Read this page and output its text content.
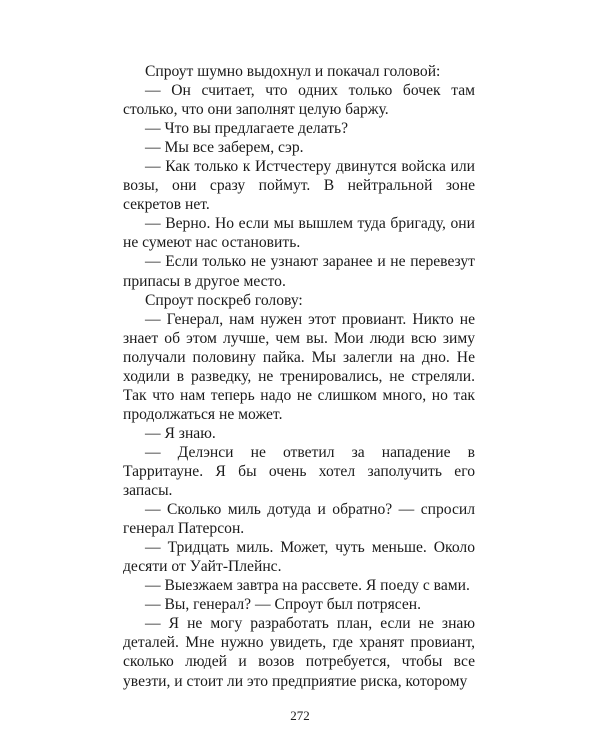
Спроут шумно выдохнул и покачал головой:

— Он считает, что одних только бочек там столько, что они заполнят целую баржу.

— Что вы предлагаете делать?

— Мы все заберем, сэр.

— Как только к Истчестеру двинутся войска или возы, они сразу поймут. В нейтральной зоне секретов нет.

— Верно. Но если мы вышлем туда бригаду, они не сумеют нас остановить.

— Если только не узнают заранее и не перевезут припасы в другое место.

Спроут поскреб голову:

— Генерал, нам нужен этот провиант. Никто не знает об этом лучше, чем вы. Мои люди всю зиму получали половину пайка. Мы залегли на дно. Не ходили в разведку, не тренировались, не стреляли. Так что нам теперь надо не слишком много, но так продолжаться не может.

— Я знаю.

— Делэнси не ответил за нападение в Тарритауне. Я бы очень хотел заполучить его запасы.

— Сколько миль дотуда и обратно? — спросил генерал Патерсон.

— Тридцать миль. Может, чуть меньше. Около десяти от Уайт-Плейнс.

— Выезжаем завтра на рассвете. Я поеду с вами.

— Вы, генерал? — Спроут был потрясен.

— Я не могу разработать план, если не знаю деталей. Мне нужно увидеть, где хранят провиант, сколько людей и возов потребуется, чтобы все увезти, и стоит ли это предприятие риска, которому

272
